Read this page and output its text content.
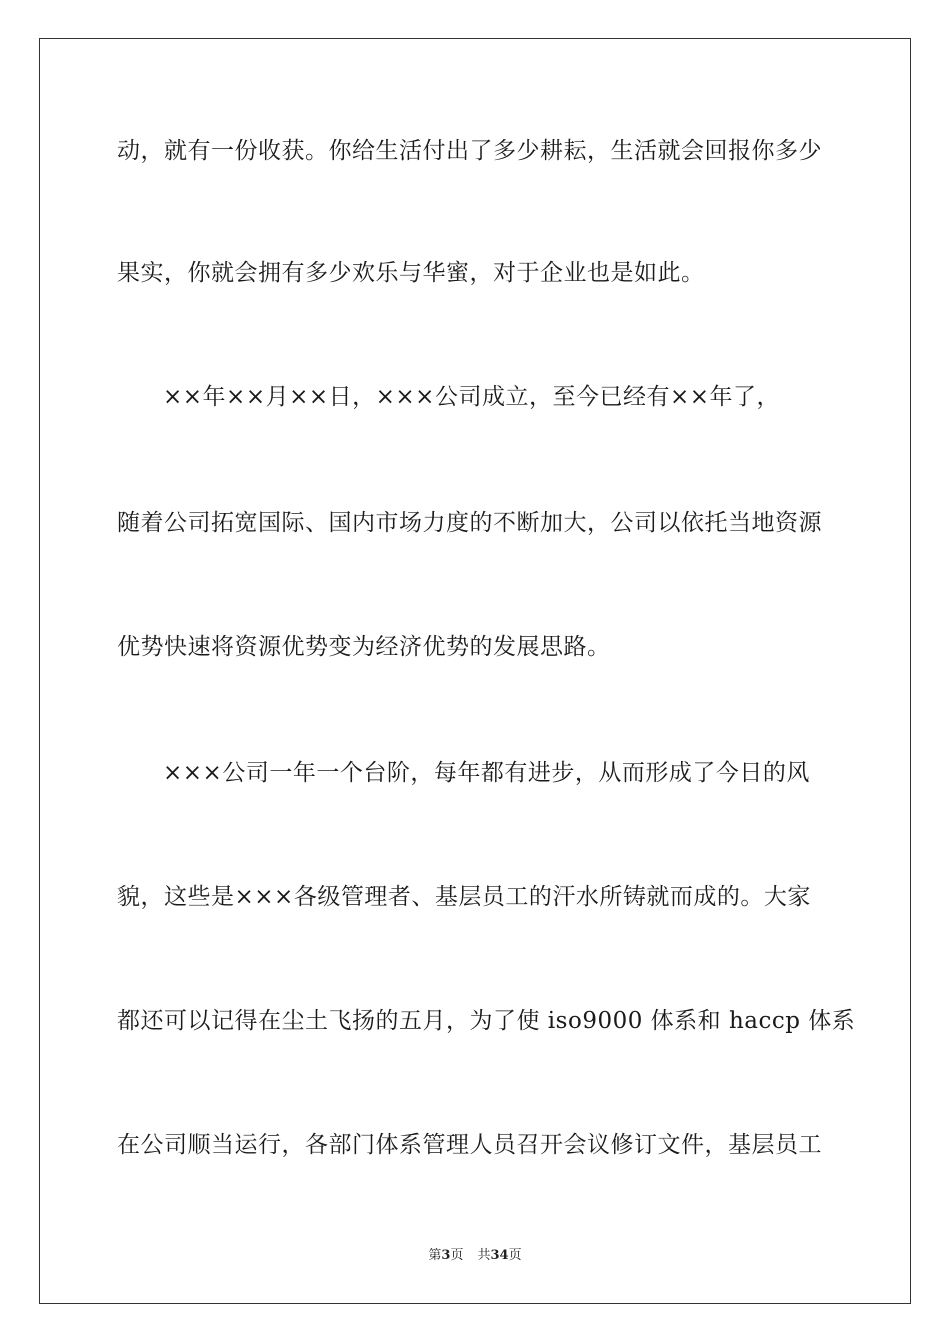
动，就有一份收获。你给生活付出了多少耕耘，生活就会回报你多少
果实，你就会拥有多少欢乐与华蜜，对于企业也是如此。
××年××月××日，×××公司成立，至今已经有××年了，
随着公司拓宽国际、国内市场力度的不断加大，公司以依托当地资源
优势快速将资源优势变为经济优势的发展思路。
×××公司一年一个台阶，每年都有进步，从而形成了今日的风
貌，这些是×××各级管理者、基层员工的汗水所铸就而成的。大家
都还可以记得在尘土飞扬的五月，为了使 iso9000 体系和 haccp 体系
在公司顺当运行，各部门体系管理人员召开会议修订文件，基层员工
第3页 共34页
